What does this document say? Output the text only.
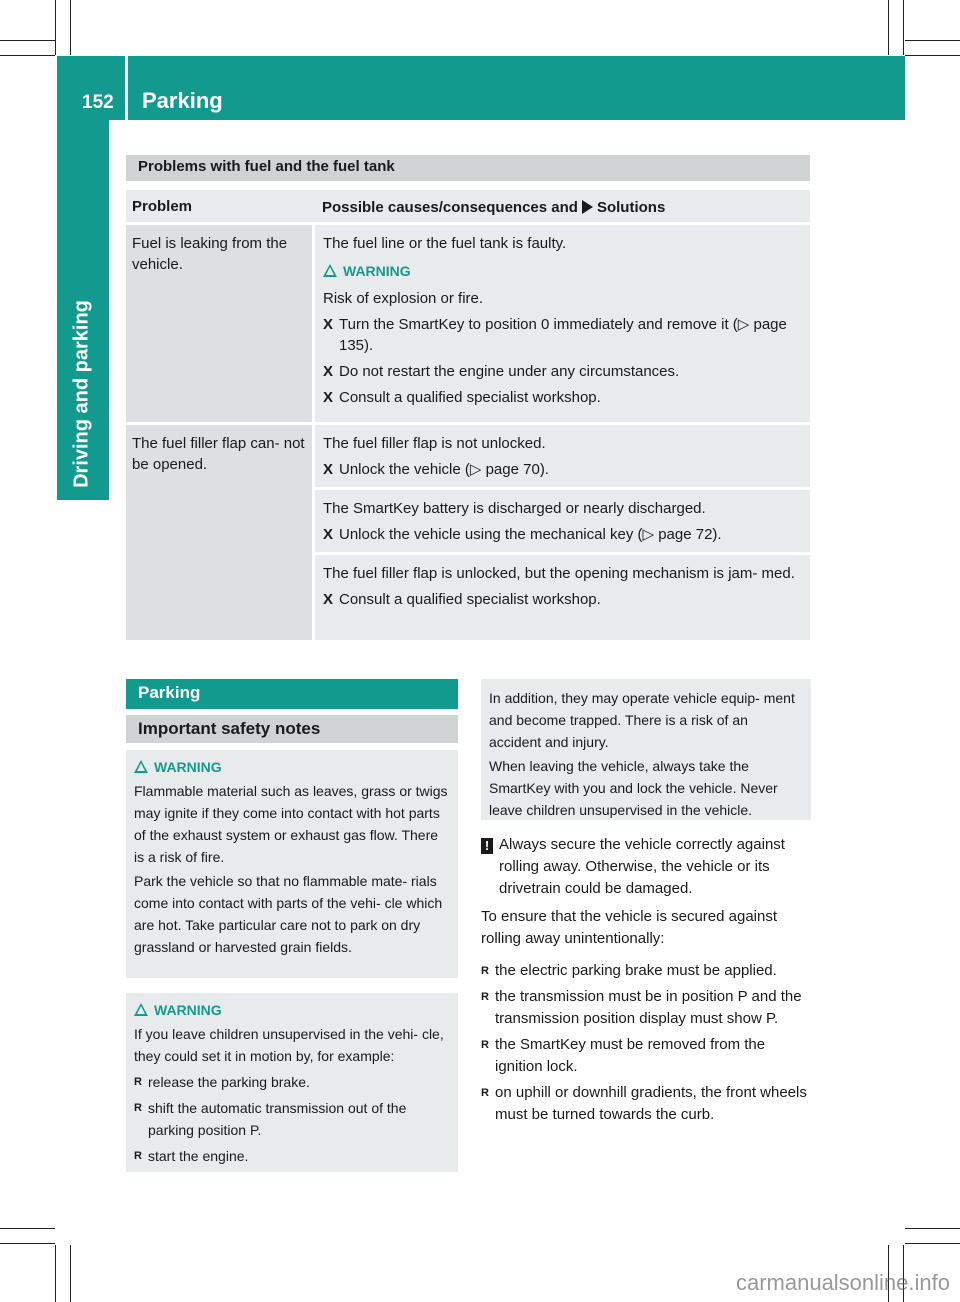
152 Parking
Driving and parking
Problems with fuel and the fuel tank
Problem	Possible causes/consequences and Solutions
Fuel is leaking from the vehicle.
The fuel line or the fuel tank is faulty.
WARNING
Risk of explosion or fire.
X Turn the SmartKey to position 0 immediately and remove it (▷ page 135).
X Do not restart the engine under any circumstances.
X Consult a qualified specialist workshop.
The fuel filler flap can- not be opened.
The fuel filler flap is not unlocked.
X Unlock the vehicle (▷ page 70).
The SmartKey battery is discharged or nearly discharged.
X Unlock the vehicle using the mechanical key (▷ page 72).
The fuel filler flap is unlocked, but the opening mechanism is jam- med.
X Consult a qualified specialist workshop.
Parking
Important safety notes
WARNING

Flammable material such as leaves, grass or twigs may ignite if they come into contact with hot parts of the exhaust system or exhaust gas flow. There is a risk of fire.

Park the vehicle so that no flammable mate- rials come into contact with parts of the vehi- cle which are hot. Take particular care not to park on dry grassland or harvested grain fields.

WARNING

If you leave children unsupervised in the vehi- cle, they could set it in motion by, for example:

R release the parking brake.
R shift the automatic transmission out of the parking position P.
R start the engine.

In addition, they may operate vehicle equip- ment and become trapped. There is a risk of an accident and injury.

When leaving the vehicle, always take the SmartKey with you and lock the vehicle. Never leave children unsupervised in the vehicle.

! Always secure the vehicle correctly against rolling away. Otherwise, the vehicle or its drivetrain could be damaged.
To ensure that the vehicle is secured against rolling away unintentionally:
R the electric parking brake must be applied.
R the transmission must be in position P and the transmission position display must show P.
R the SmartKey must be removed from the ignition lock.
R on uphill or downhill gradients, the front wheels must be turned towards the curb.
carmanualsonline.info
